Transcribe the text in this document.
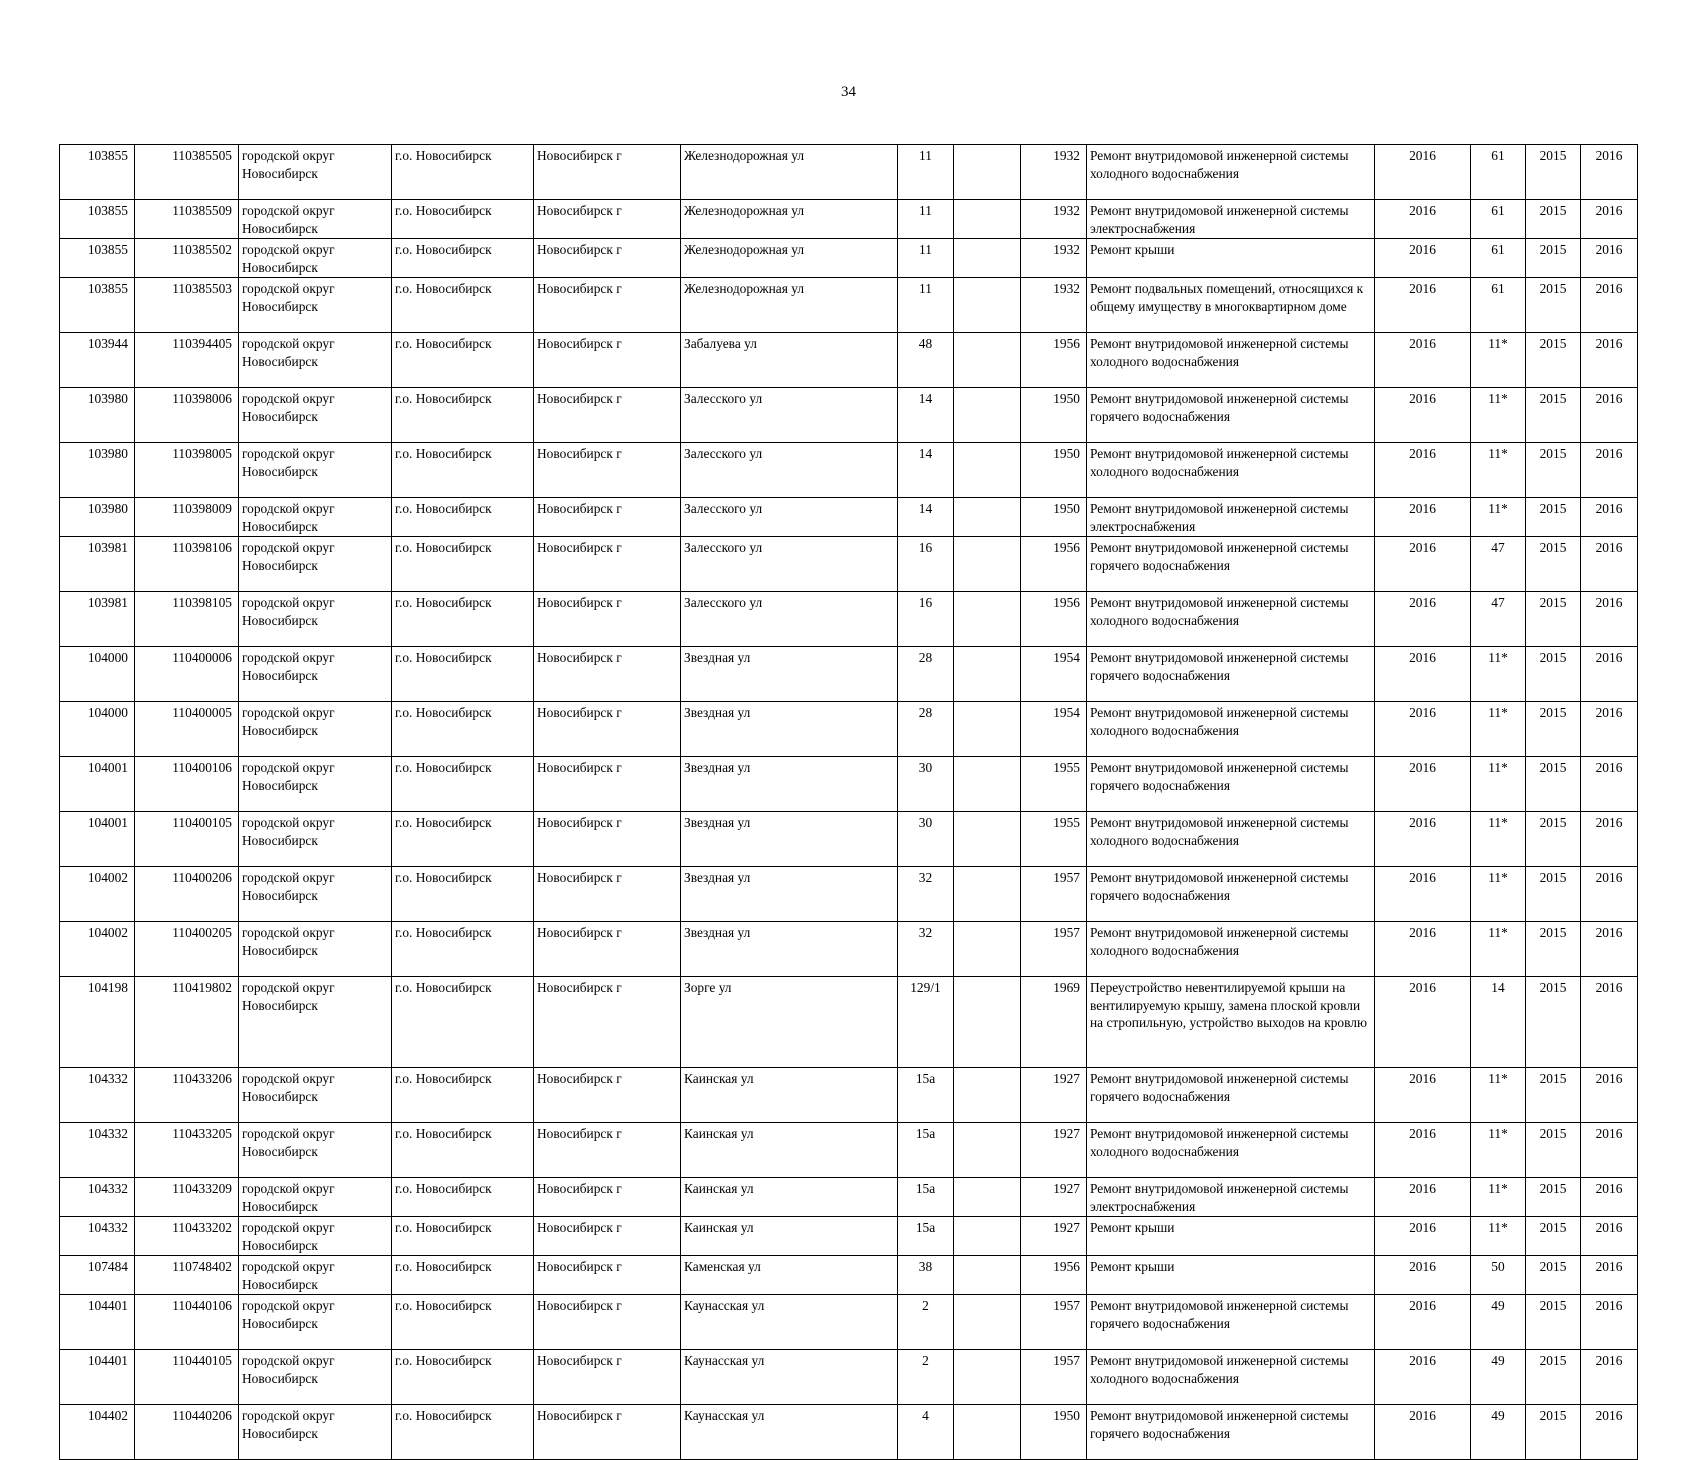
34
103855	110385505	городской округ Новосибирск	г.о. Новосибирск	Новосибирск г	Железнодорожная ул	11		1932	Ремонт внутридомовой инженерной системы холодного водоснабжения	2016	61	2015	2016
103855	110385509	городской округ Новосибирск	г.о. Новосибирск	Новосибирск г	Железнодорожная ул	11		1932	Ремонт внутридомовой инженерной системы электроснабжения	2016	61	2015	2016
103855	110385502	городской округ Новосибирск	г.о. Новосибирск	Новосибирск г	Железнодорожная ул	11		1932	Ремонт крыши	2016	61	2015	2016
103855	110385503	городской округ Новосибирск	г.о. Новосибирск	Новосибирск г	Железнодорожная ул	11		1932	Ремонт подвальных помещений, относящихся к общему имуществу в многоквартирном доме	2016	61	2015	2016
103944	110394405	городской округ Новосибирск	г.о. Новосибирск	Новосибирск г	Забалуева ул	48		1956	Ремонт внутридомовой инженерной системы холодного водоснабжения	2016	11*	2015	2016
103980	110398006	городской округ Новосибирск	г.о. Новосибирск	Новосибирск г	Залесского ул	14		1950	Ремонт внутридомовой инженерной системы горячего водоснабжения	2016	11*	2015	2016
103980	110398005	городской округ Новосибирск	г.о. Новосибирск	Новосибирск г	Залесского ул	14		1950	Ремонт внутридомовой инженерной системы холодного водоснабжения	2016	11*	2015	2016
103980	110398009	городской округ Новосибирск	г.о. Новосибирск	Новосибирск г	Залесского ул	14		1950	Ремонт внутридомовой инженерной системы электроснабжения	2016	11*	2015	2016
103981	110398106	городской округ Новосибирск	г.о. Новосибирск	Новосибирск г	Залесского ул	16		1956	Ремонт внутридомовой инженерной системы горячего водоснабжения	2016	47	2015	2016
103981	110398105	городской округ Новосибирск	г.о. Новосибирск	Новосибирск г	Залесского ул	16		1956	Ремонт внутридомовой инженерной системы холодного водоснабжения	2016	47	2015	2016
104000	110400006	городской округ Новосибирск	г.о. Новосибирск	Новосибирск г	Звездная ул	28		1954	Ремонт внутридомовой инженерной системы горячего водоснабжения	2016	11*	2015	2016
104000	110400005	городской округ Новосибирск	г.о. Новосибирск	Новосибирск г	Звездная ул	28		1954	Ремонт внутридомовой инженерной системы холодного водоснабжения	2016	11*	2015	2016
104001	110400106	городской округ Новосибирск	г.о. Новосибирск	Новосибирск г	Звездная ул	30		1955	Ремонт внутридомовой инженерной системы горячего водоснабжения	2016	11*	2015	2016
104001	110400105	городской округ Новосибирск	г.о. Новосибирск	Новосибирск г	Звездная ул	30		1955	Ремонт внутридомовой инженерной системы холодного водоснабжения	2016	11*	2015	2016
104002	110400206	городской округ Новосибирск	г.о. Новосибирск	Новосибирск г	Звездная ул	32		1957	Ремонт внутридомовой инженерной системы горячего водоснабжения	2016	11*	2015	2016
104002	110400205	городской округ Новосибирск	г.о. Новосибирск	Новосибирск г	Звездная ул	32		1957	Ремонт внутридомовой инженерной системы холодного водоснабжения	2016	11*	2015	2016
104198	110419802	городской округ Новосибирск	г.о. Новосибирск	Новосибирск г	Зорге ул	129/1		1969	Переустройство невентилируемой крыши на вентилируемую крышу, замена плоской кровли на стропильную, устройство выходов на кровлю	2016	14	2015	2016
104332	110433206	городской округ Новосибирск	г.о. Новосибирск	Новосибирск г	Каинская ул	15а		1927	Ремонт внутридомовой инженерной системы горячего водоснабжения	2016	11*	2015	2016
104332	110433205	городской округ Новосибирск	г.о. Новосибирск	Новосибирск г	Каинская ул	15а		1927	Ремонт внутридомовой инженерной системы холодного водоснабжения	2016	11*	2015	2016
104332	110433209	городской округ Новосибирск	г.о. Новосибирск	Новосибирск г	Каинская ул	15а		1927	Ремонт внутридомовой инженерной системы электроснабжения	2016	11*	2015	2016
104332	110433202	городской округ Новосибирск	г.о. Новосибирск	Новосибирск г	Каинская ул	15а		1927	Ремонт крыши	2016	11*	2015	2016
107484	110748402	городской округ Новосибирск	г.о. Новосибирск	Новосибирск г	Каменская ул	38		1956	Ремонт крыши	2016	50	2015	2016
104401	110440106	городской округ Новосибирск	г.о. Новосибирск	Новосибирск г	Каунасская ул	2		1957	Ремонт внутридомовой инженерной системы горячего водоснабжения	2016	49	2015	2016
104401	110440105	городской округ Новосибирск	г.о. Новосибирск	Новосибирск г	Каунасская ул	2		1957	Ремонт внутридомовой инженерной системы холодного водоснабжения	2016	49	2015	2016
104402	110440206	городской округ Новосибирск	г.о. Новосибирск	Новосибирск г	Каунасская ул	4		1950	Ремонт внутридомовой инженерной системы горячего водоснабжения	2016	49	2015	2016
